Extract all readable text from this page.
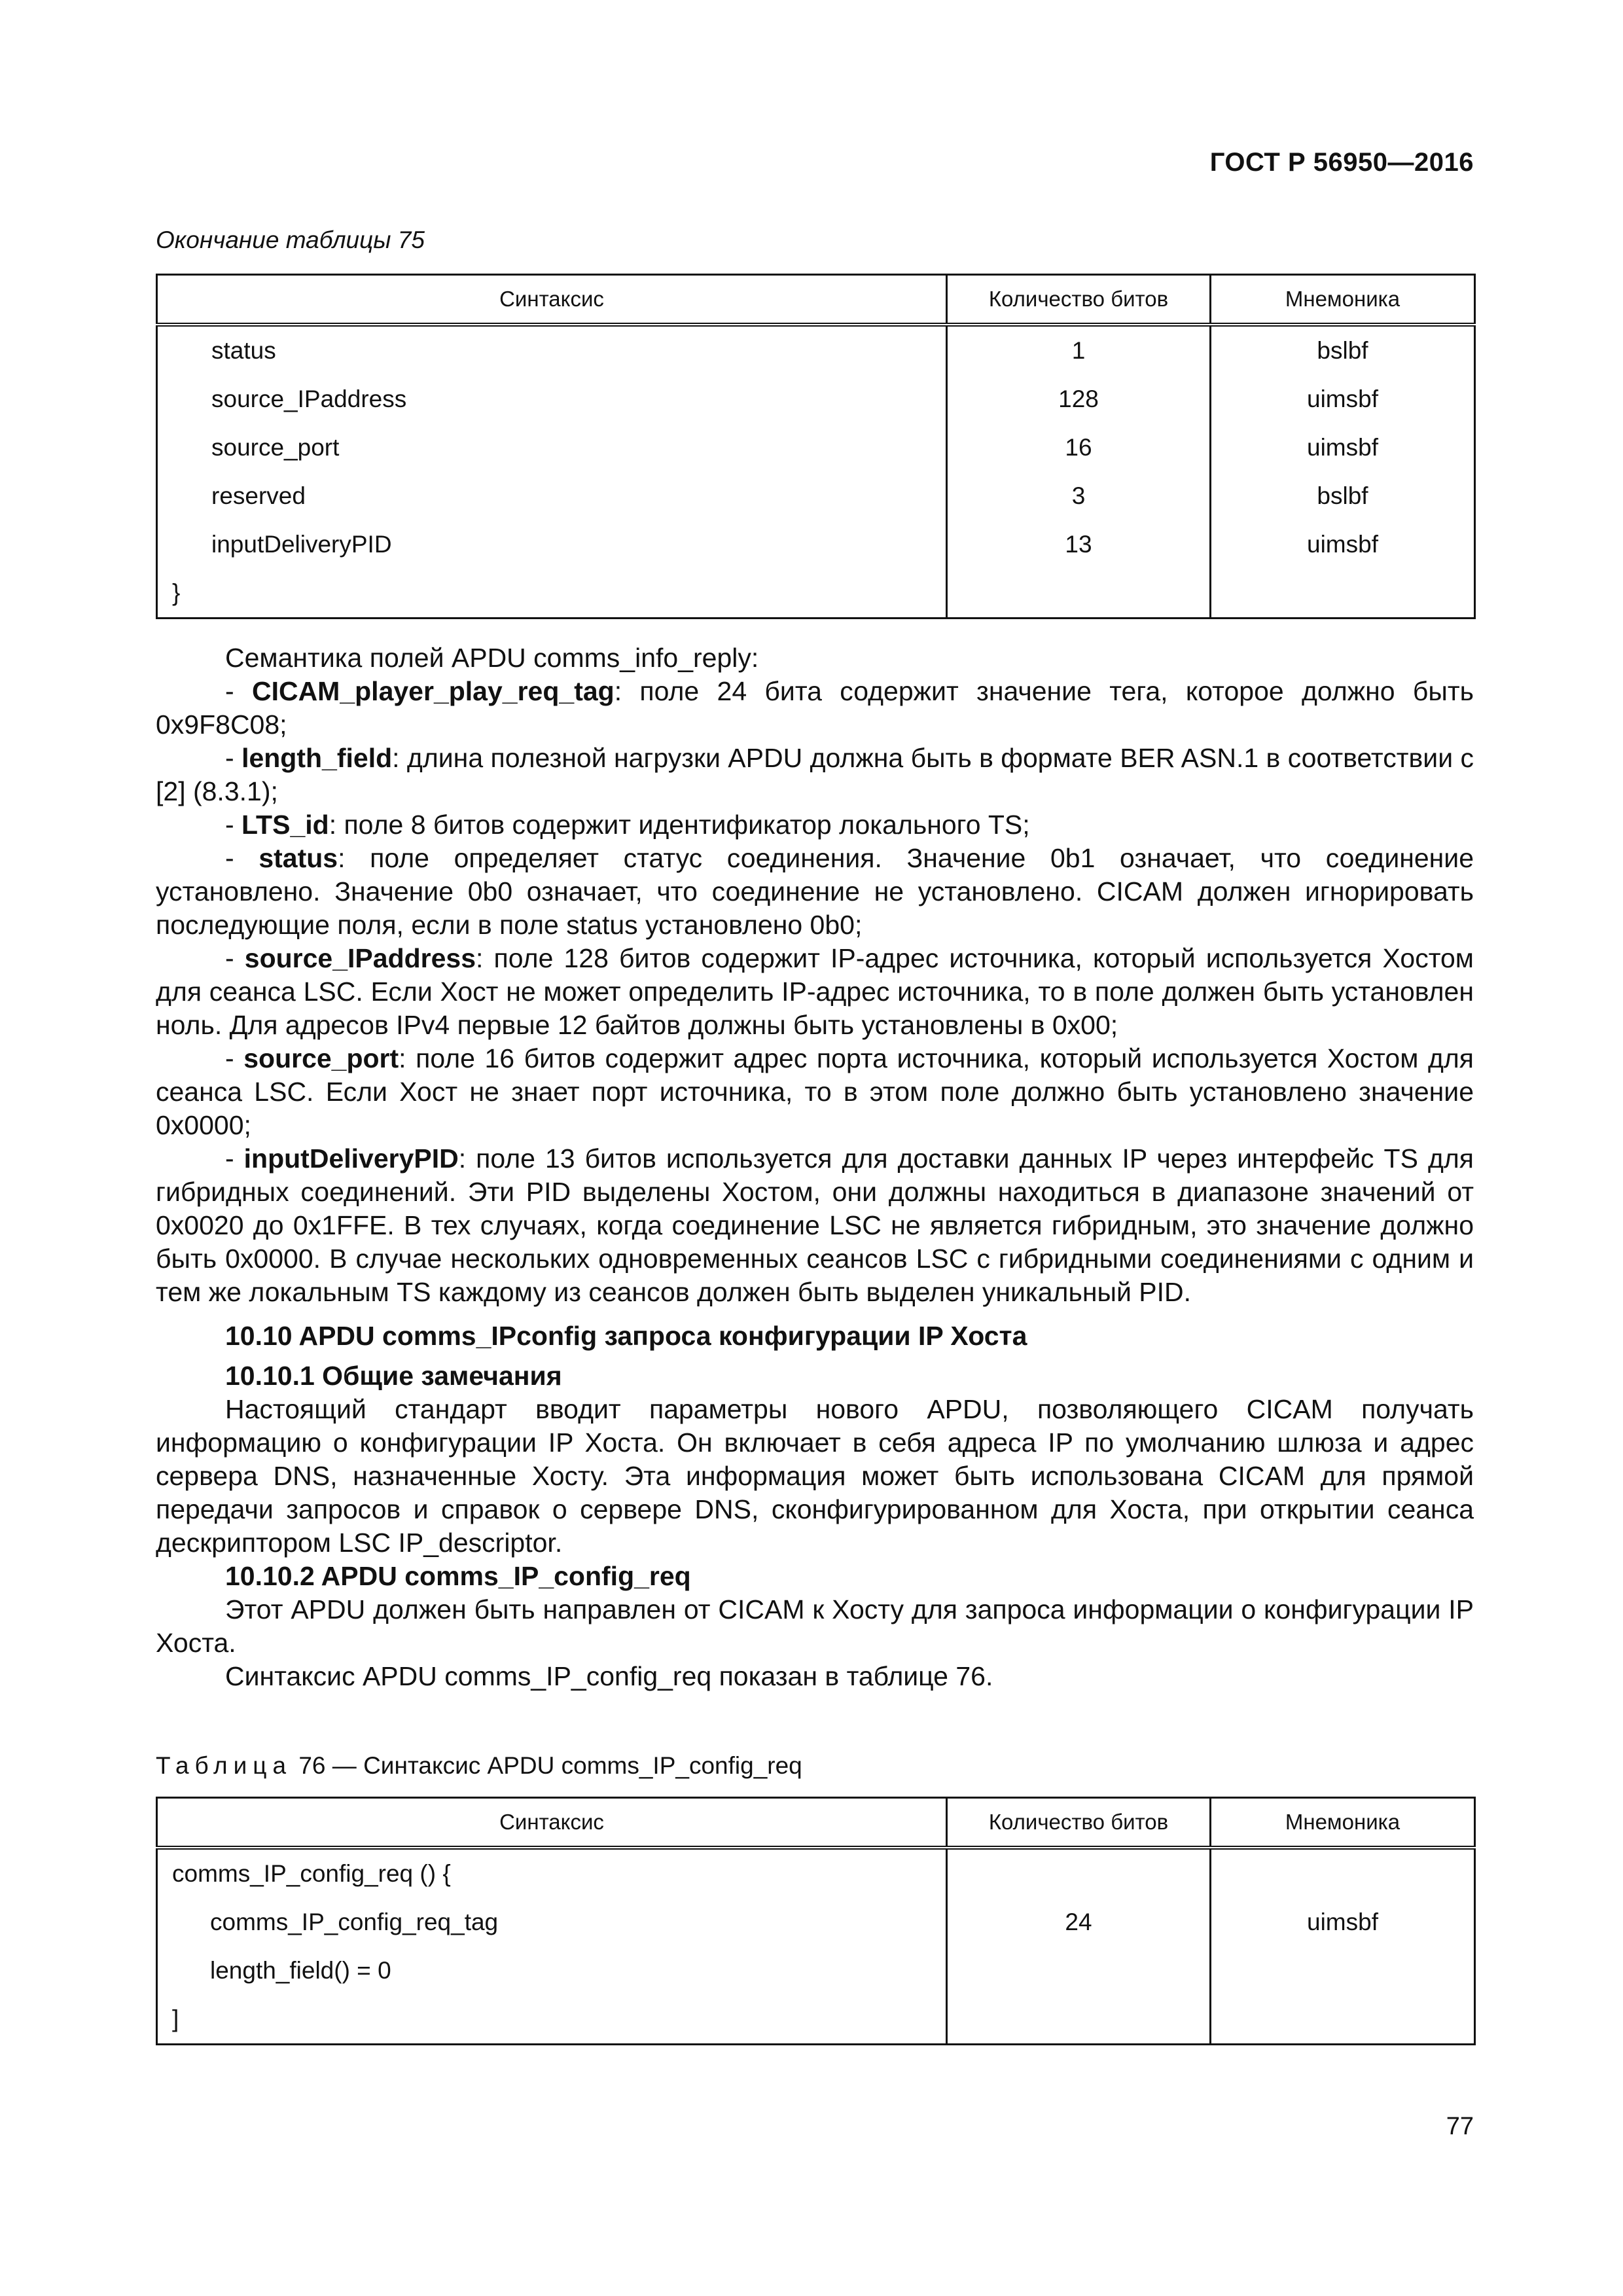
ГОСТ Р 56950—2016
Окончание таблицы 75
Синтаксис	Количество битов	Мнемоника
status	1	bslbf
source_IPaddress	128	uimsbf
source_port	16	uimsbf
reserved	3	bslbf
inputDeliveryPID	13	uimsbf
}		

Семантика полей APDU comms_info_reply:

- CICAM_player_play_req_tag: поле 24 бита содержит значение тега, которое должно быть 0x9F8C08;

- length_field: длина полезной нагрузки APDU должна быть в формате BER ASN.1 в соответствии с [2] (8.3.1);

- LTS_id: поле 8 битов содержит идентификатор локального TS;

- status: поле определяет статус соединения. Значение 0b1 означает, что соединение установлено. Значение 0b0 означает, что соединение не установлено. CICAM должен игнорировать последующие поля, если в поле status установлено 0b0;

- source_IPaddress: поле 128 битов содержит IP-адрес источника, который используется Хостом для сеанса LSC. Если Хост не может определить IP-адрес источника, то в поле должен быть установлен ноль. Для адресов IPv4 первые 12 байтов должны быть установлены в 0x00;

- source_port: поле 16 битов содержит адрес порта источника, который используется Хостом для сеанса LSC. Если Хост не знает порт источника, то в этом поле должно быть установлено значение 0x0000;

- inputDeliveryPID: поле 13 битов используется для доставки данных IP через интерфейс TS для гибридных соединений. Эти PID выделены Хостом, они должны находиться в диапазоне значений от 0x0020 до 0x1FFE. В тех случаях, когда соединение LSC не является гибридным, это значение должно быть 0x0000. В случае нескольких одновременных сеансов LSC с гибридными соединениями с одним и тем же локальным TS каждому из сеансов должен быть выделен уникальный PID.

10.10 APDU comms_IPconfig запроса конфигурации IP Хоста

10.10.1 Общие замечания

Настоящий стандарт вводит параметры нового APDU, позволяющего CICAM получать информацию о конфигурации IP Хоста. Он включает в себя адреса IP по умолчанию шлюза и адрес сервера DNS, назначенные Хосту. Эта информация может быть использована CICAM для прямой передачи запросов и справок о сервере DNS, сконфигурированном для Хоста, при открытии сеанса дескриптором LSC IP_descriptor.

10.10.2 APDU comms_IP_config_req

Этот APDU должен быть направлен от CICAM к Хосту для запроса информации о конфигурации IP Хоста.

Синтаксис APDU comms_IP_config_req показан в таблице 76.

Таблица 76 — Синтаксис APDU comms_IP_config_req
Синтаксис	Количество битов	Мнемоника
comms_IP_config_req () {		
comms_IP_config_req_tag	24	uimsbf
length_field() = 0		
]		
77
